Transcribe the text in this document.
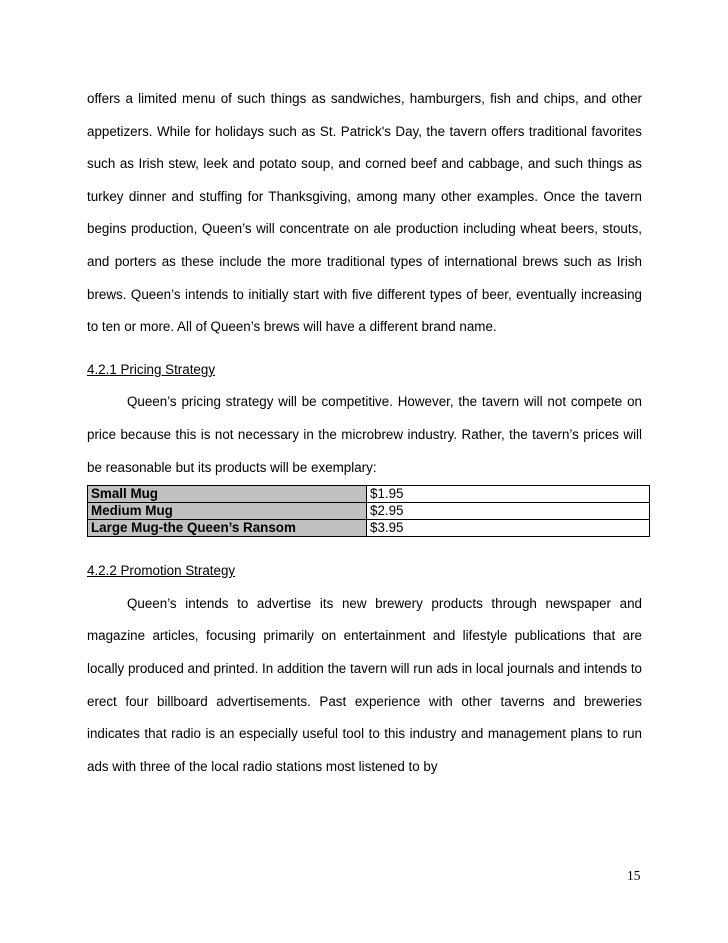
offers a limited menu of such things as sandwiches, hamburgers, fish and chips, and other appetizers. While for holidays such as St. Patrick's Day, the tavern offers traditional favorites such as Irish stew, leek and potato soup, and corned beef and cabbage, and such things as turkey dinner and stuffing for Thanksgiving, among many other examples. Once the tavern begins production, Queen’s will concentrate on ale production including wheat beers, stouts, and porters as these include the more traditional types of international brews such as Irish brews. Queen’s intends to initially start with five different types of beer, eventually increasing to ten or more. All of Queen’s brews will have a different brand name.

4.2.1 Pricing Strategy

Queen’s pricing strategy will be competitive. However, the tavern will not compete on price because this is not necessary in the microbrew industry. Rather, the tavern’s prices will be reasonable but its products will be exemplary:

Small Mug	$1.95
Medium Mug	$2.95
Large Mug-the Queen’s Ransom	$3.95

4.2.2 Promotion Strategy

Queen’s intends to advertise its new brewery products through newspaper and magazine articles, focusing primarily on entertainment and lifestyle publications that are locally produced and printed. In addition the tavern will run ads in local journals and intends to erect four billboard advertisements. Past experience with other taverns and breweries indicates that radio is an especially useful tool to this industry and management plans to run ads with three of the local radio stations most listened to by

15
